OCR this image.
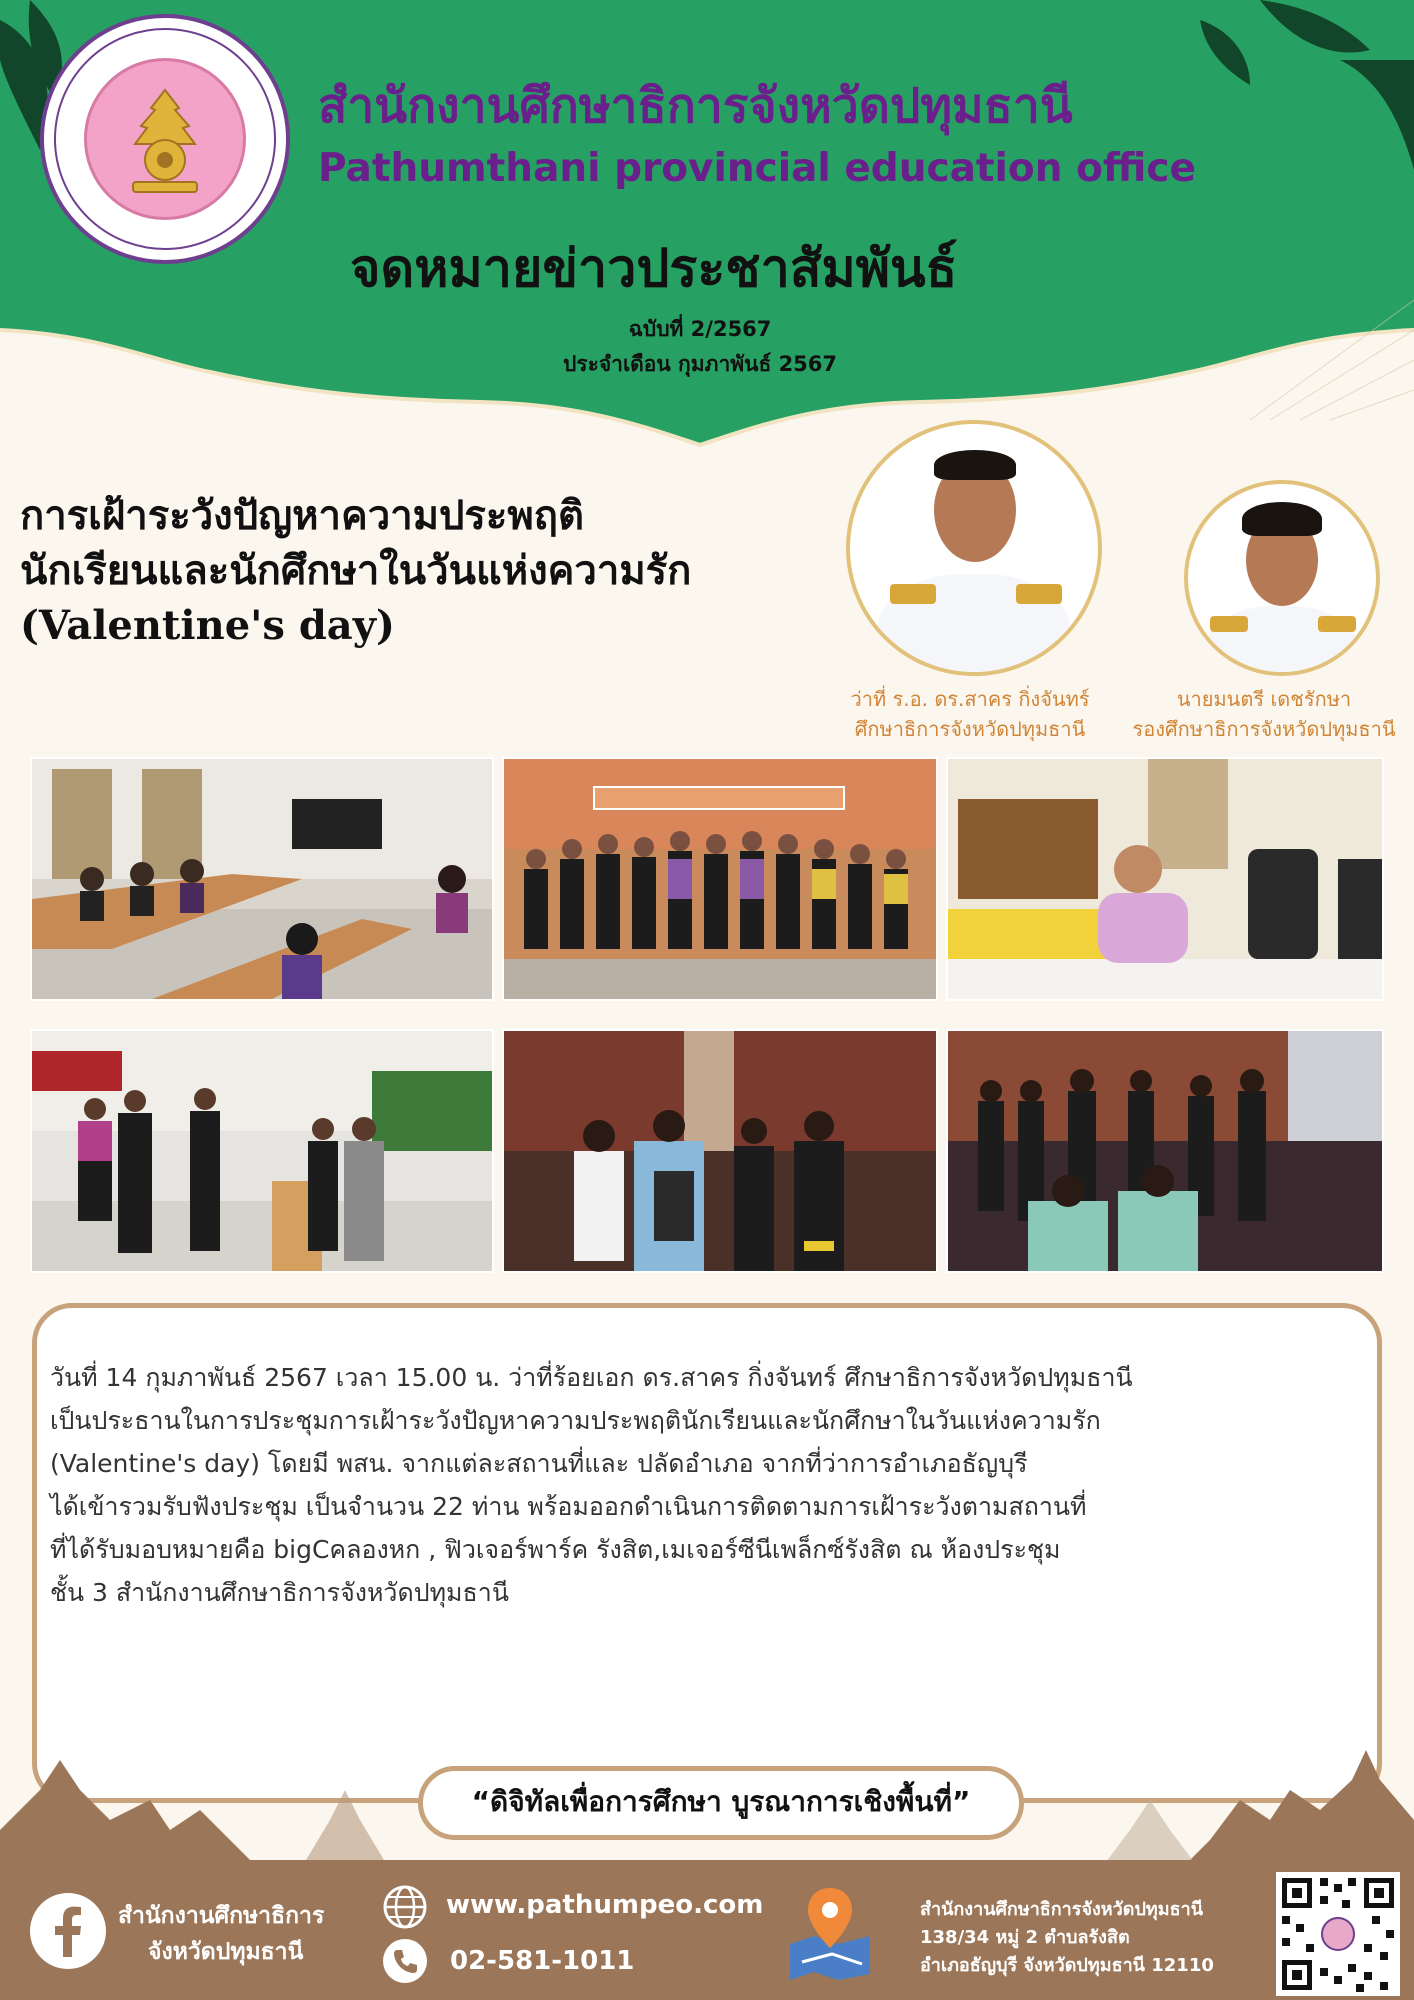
สำนักงานศึกษาธิการจังหวัดปทุมธานี
Pathumthani provincial education office
จดหมายข่าวประชาสัมพันธ์
ฉบับที่ 2/2567
ประจำเดือน กุมภาพันธ์ 2567
การเฝ้าระวังปัญหาความประพฤติ
นักเรียนและนักศึกษาในวันแห่งความรัก
(Valentine's day)
ว่าที่ ร.อ. ดร.สาคร กิ่งจันทร์
ศึกษาธิการจังหวัดปทุมธานี
นายมนตรี เดชรักษา
รองศึกษาธิการจังหวัดปทุมธานี
วันที่ 14 กุมภาพันธ์ 2567 เวลา 15.00 น. ว่าที่ร้อยเอก ดร.สาคร กิ่งจันทร์ ศึกษาธิการจังหวัดปทุมธานี
เป็นประธานในการประชุมการเฝ้าระวังปัญหาความประพฤตินักเรียนและนักศึกษาในวันแห่งความรัก
(Valentine's day) โดยมี พสน. จากแต่ละสถานที่และ ปลัดอำเภอ จากที่ว่าการอำเภอธัญบุรี
ได้เข้ารวมรับฟังประชุม เป็นจำนวน 22 ท่าน พร้อมออกดำเนินการติดตามการเฝ้าระวังตามสถานที่
ที่ได้รับมอบหมายคือ bigCคลองหก , ฟิวเจอร์พาร์ค รังสิต,เมเจอร์ซีนีเพล็กซ์รังสิต ณ ห้องประชุม
ชั้น 3 สำนักงานศึกษาธิการจังหวัดปทุมธานี
“ดิจิทัลเพื่อการศึกษา บูรณาการเชิงพื้นที่”
สำนักงานศึกษาธิการ
จังหวัดปทุมธานี
www.pathumpeo.com
02-581-1011
สำนักงานศึกษาธิการจังหวัดปทุมธานี
138/34 หมู่ 2 ตำบลรังสิต
อำเภอธัญบุรี จังหวัดปทุมธานี 12110
